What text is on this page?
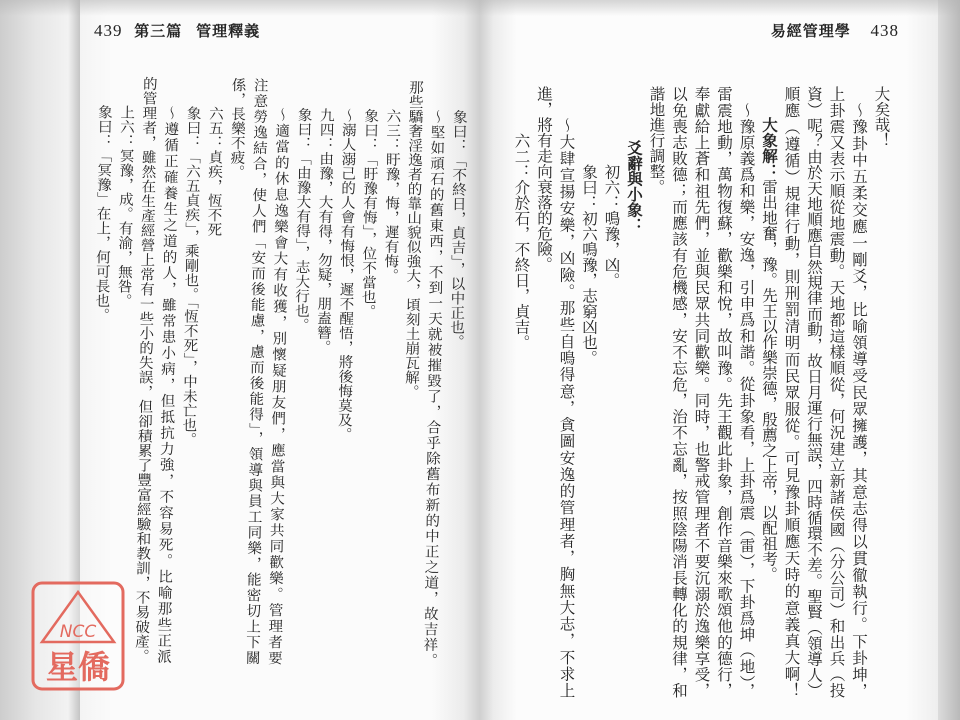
439 第三篇 管理釋義
象曰：「不終日，貞吉」，以中正也。
～堅如頑石的舊東西，不到一天就被摧毀了，合乎除舊布新的中正之道，故吉祥。
那些驕奢淫逸者的靠山貌似強大，頃刻土崩瓦解。
六三：盱豫，悔，遲有悔。
象曰：「盱豫有悔」，位不當也。
～溺人溺己的人會有悔恨，遲不醒悟，將後悔莫及。
九四：由豫，大有得，勿疑，朋盍簪。
象曰：「由豫大有得」，志大行也。
～適當的休息逸樂會大有收獲，別懷疑朋友們，應當與大家共同歡樂。管理者要
注意勞逸結合，使人們「安而後能慮，慮而後能得」，領導與員工同樂，能密切上下關
係，長樂不疲。
六五：貞疾，恆不死
象曰：「六五貞疾」，乘剛也。「恆不死」，中未亡也。
～遵循正確養生之道的人，雖常患小病，但抵抗力強，不容易死。比喻那些正派
的管理者，雖然在生產經營上常有一些小的失誤，但卻積累了豐富經驗和教訓，不易破產。
上六：冥豫，成。有渝，無咎。
象曰：「冥豫」在上，何可長也。
易經管理學 438
大矣哉！
～豫卦中五柔交應一剛爻，比喻領導受民眾擁護，其意志得以貫徹執行。下卦坤，
上卦震又表示順從地震動。天地都這樣順從，何況建立新諸侯國（分公司）和出兵（投
資）呢？由於天地順應自然規律而動，故日月運行無誤，四時循環不差。聖賢（領導人）
順應（遵循）規律行動，則刑罰清明而民眾服從。可見豫卦順應天時的意義真大啊！
大象解：雷出地奮，豫。先王以作樂崇德，殷薦之上帝，以配祖考。
～豫原義爲和樂，安逸，引申爲和諧。從卦象看，上卦爲震（雷），下卦爲坤（地），
雷震地動，萬物復蘇，歡樂和悅，故叫豫。先王觀此卦象，創作音樂來歌頌他的德行，
奉獻給上蒼和祖先們，並與民眾共同歡樂。同時，也警戒管理者不要沉溺於逸樂享受，
以免喪志敗德；而應該有危機感，安不忘危，治不忘亂，按照陰陽消長轉化的規律，和
諧地進行調整。
爻辭與小象：
初六：鳴豫，凶。
象曰：初六鳴豫，志窮凶也。
～大肆宣揚安樂，凶險。那些自鳴得意，貪圖安逸的管理者，胸無大志，不求上
進，將有走向衰落的危險。
六二：介於石，不終日，貞吉。
NCC
星僑
